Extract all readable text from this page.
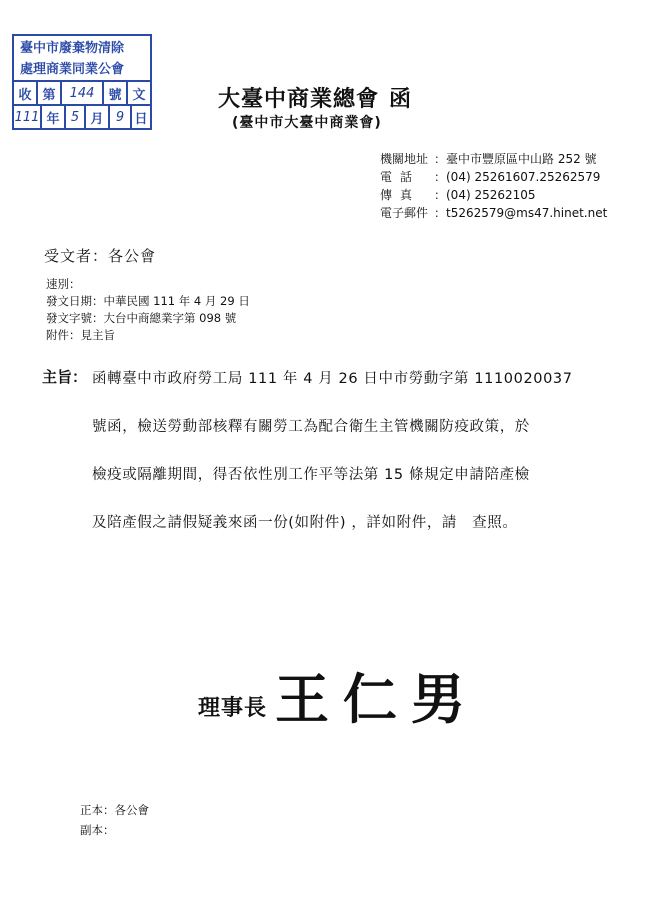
臺中市廢棄物清除
處理商業同業公會
收 第	144	號 文
111 年 5 月 9 日
大臺中商業總會 函
(臺中市大臺中商業會)
機關地址 ：臺中市豐原區中山路 252 號
電話 ：(04) 25261607.25262579
傳真 ：(04) 25262105
電子郵件 ：t5262579@ms47.hinet.net
受文者：各公會
速別：
發文日期：中華民國 111 年 4 月 29 日
發文字號：大台中商總業字第 098 號
附件：見主旨
主旨： 函轉臺中市政府勞工局 111 年 4 月 26 日中市勞動字第 1110020037
號函，檢送勞動部核釋有關勞工為配合衛生主管機關防疫政策，於
檢疫或隔離期間，得否依性別工作平等法第 15 條規定申請陪產檢
及陪產假之請假疑義來函一份(如附件) ，詳如附件，請　查照。
理事長 王仁男
正本：各公會
副本：
